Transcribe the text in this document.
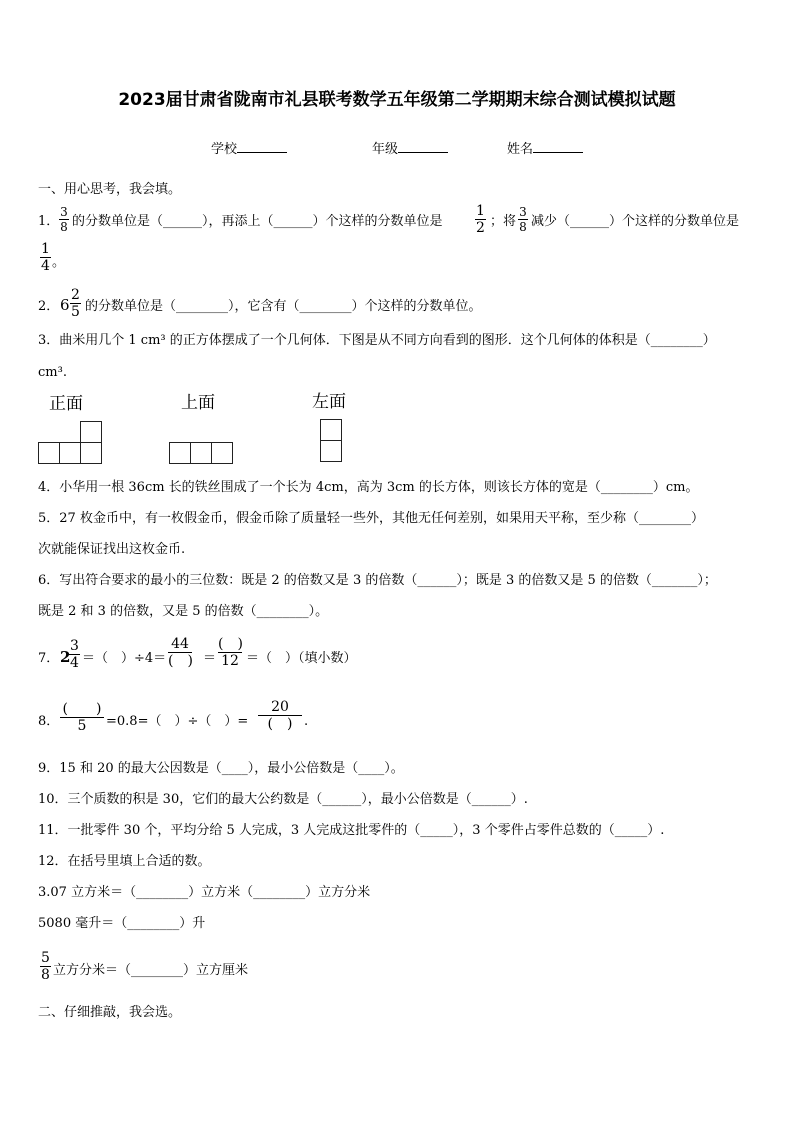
2023届甘肃省陇南市礼县联考数学五年级第二学期期末综合测试模拟试题
学校	年级	姓名
一、用心思考，我会填。
1．
3
8 的分数单位是（______），再添上（______）个这样的分数单位是
1
2 ；将
3
8 减少（______）个这样的分数单位是
1
4 。
2． 6
2
5 的分数单位是（________），它含有（________）个这样的分数单位。
3．曲米用几个 1 cm³ 的正方体摆成了一个几何体．下图是从不同方向看到的图形．这个几何体的体积是（________）
cm³.
正面	上面	左面
4．小华用一根 36cm 长的铁丝围成了一个长为 4cm，高为 3cm 的长方体，则该长方体的宽是（________）cm。
5．27 枚金币中，有一枚假金币，假金币除了质量轻一些外，其他无任何差别，如果用天平称，至少称（________）
次就能保证找出这枚金币.
6．写出符合要求的最小的三位数：既是 2 的倍数又是 3 的倍数（______）；既是 3 的倍数又是 5 的倍数（_______）；
既是 2 和 3 的倍数，又是 5 的倍数（________）。
7． 2
3
4 ＝（　）÷4＝
44
(　) ＝
(　)
12 ＝（　）（填小数）
8．
(　　)
5	=0.8=（　）÷（　）=
20
(　) .
9．15 和 20 的最大公因数是（____），最小公倍数是（____）。
10．三个质数的积是 30，它们的最大公约数是（______），最小公倍数是（______）.
11．一批零件 30 个，平均分给 5 人完成，3 人完成这批零件的（_____），3 个零件占零件总数的（_____）.
12．在括号里填上合适的数。
3.07 立方米＝（________）立方米（________）立方分米
5080 毫升＝（________）升
5
8 立方分米＝（________）立方厘米
二、仔细推敲，我会选。
